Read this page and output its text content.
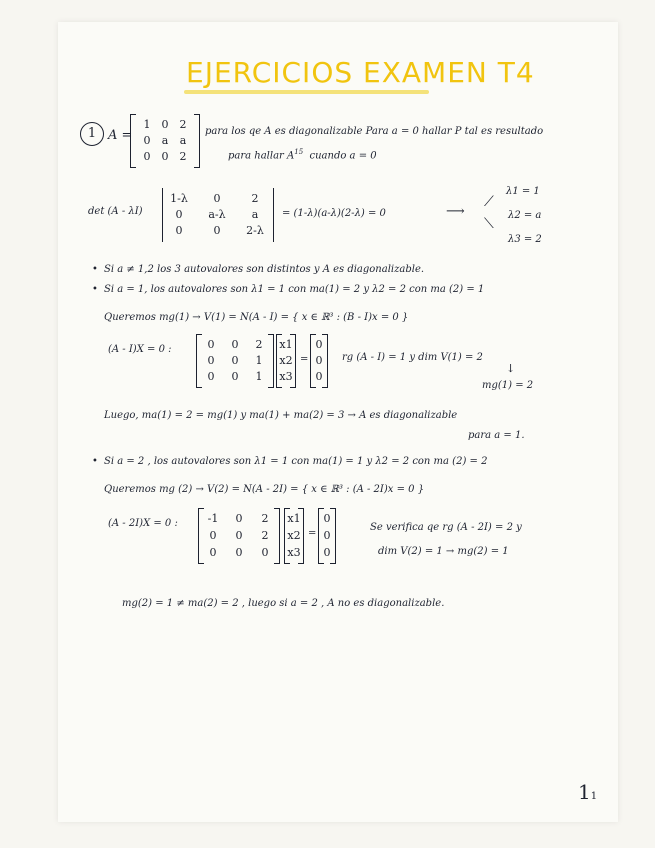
EJERCICIOS EXAMEN T4
1 A =
1	0	2
0	a	a
0	0	2
para los qe A es diagonalizable Para a = 0 hallar P tal es resultado
para hallar $A^{15}$ cuando a = 0
det (A - λI)
1-λ	0	2
0	a-λ	a
0	0	2-λ
= (1-λ)(a-λ)(2-λ) = 0	⟶
⟋
⟍
λ1 = 1
λ2 = a
λ3 = 2
• Si a ≠ 1,2 los 3 autovalores son distintos y A es diagonalizable.
• Si a = 1, los autovalores son λ1 = 1 con ma(1) = 2 y λ2 = 2 con ma (2) = 1
Queremos mg(1) → V(1) = N(A - I) = { x ∈ ℝ³ : (B - I)x = 0 }
(A - I)X = 0 :	0	0	2
0	0	1
0	0	1
x1
x2
x3
=
0
0
0
rg (A - I) = 1 y dim V(1) = 2
↓
mg(1) = 2
Luego, ma(1) = 2 = mg(1) y ma(1) + ma(2) = 3 → A es diagonalizable
para a = 1.
• Si a = 2 , los autovalores son λ1 = 1 con ma(1) = 1 y λ2 = 2 con ma (2) = 2
Queremos mg (2) → V(2) = N(A - 2I) = { x ∈ ℝ³ : (A - 2I)x = 0 }
(A - 2I)X = 0 :	-1	0	2
0	0	2
0	0	0
x1
x2
x3
=
0
0
0
Se verifica qe rg (A - 2I) = 2 y
dim V(2) = 1 → mg(2) = 1
mg(2) = 1 ≠ ma(2) = 2 , luego si a = 2 , A no es diagonalizable.
11
